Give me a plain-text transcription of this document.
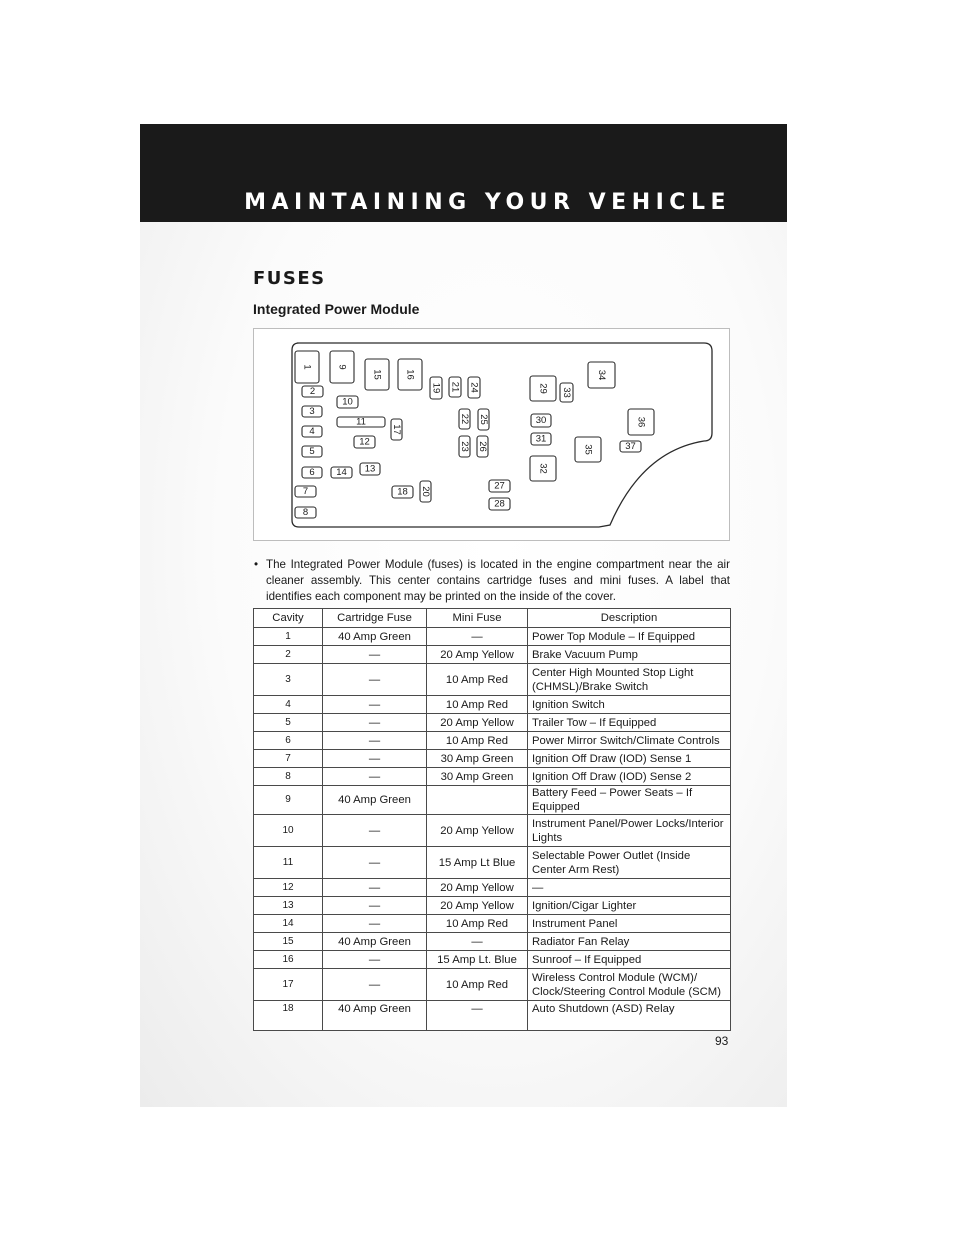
MAINTAINING YOUR VEHICLE
FUSES
Integrated Power Module
1
2
3
4
5
6
7
8
9
10
11
12
13
14
15 16
17
18
19
20
21
22
23
24
25
26
27
28
29
30
31
32
33
34
35
36
37
• The Integrated Power Module (fuses) is located in the engine compartment near the air cleaner assembly. This center contains cartridge fuses and mini fuses. A label that identifies each component may be printed on the inside of the cover.
Cavity	Cartridge Fuse	Mini Fuse	Description
1	40 Amp Green	—	Power Top Module – If Equipped
2	—	20 Amp Yellow	Brake Vacuum Pump
3	—	10 Amp Red	Center High Mounted Stop Light (CHMSL)/Brake Switch
4	—	10 Amp Red	Ignition Switch
5	—	20 Amp Yellow	Trailer Tow – If Equipped
6	—	10 Amp Red	Power Mirror Switch/Climate Controls
7	—	30 Amp Green	Ignition Off Draw (IOD) Sense 1
8	—	30 Amp Green	Ignition Off Draw (IOD) Sense 2
9	40 Amp Green		Battery Feed – Power Seats – If Equipped
10	—	20 Amp Yellow	Instrument Panel/Power Locks/Interior Lights
11	—	15 Amp Lt Blue	Selectable Power Outlet (Inside Center Arm Rest)
12	—	20 Amp Yellow	—
13	—	20 Amp Yellow	Ignition/Cigar Lighter
14	—	10 Amp Red	Instrument Panel
15	40 Amp Green	—	Radiator Fan Relay
16	—	15 Amp Lt. Blue	Sunroof – If Equipped
17	—	10 Amp Red	Wireless Control Module (WCM)/ Clock/Steering Control Module (SCM)
18	40 Amp Green	—	Auto Shutdown (ASD) Relay
93
